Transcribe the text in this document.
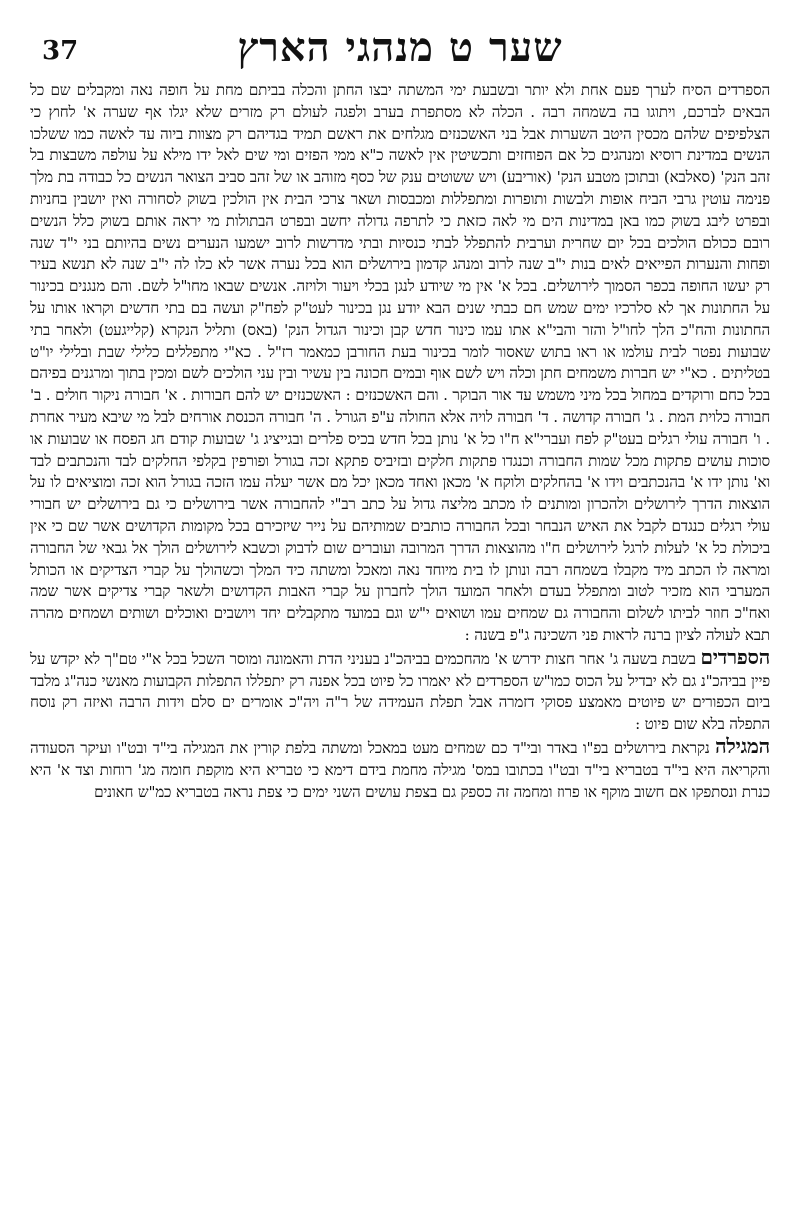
37	שער ט מנהגי הארץ

הספרדים הסיח לערך פעם אחת ולא יותר ובשבעת ימי המשתה יבצו החתן והכלה בביתם מחת על חופה נאה ומקבלים שם כל הבאים לברכם, ויתוגו בה בשמחה רבה . הכלה לא מסתפרת בערב ולפגה לעולם רק מזרים שלא יגלו אף שערה א' לחוץ כי הצלפיפים שלהם מכסין היטב השערות אבל בני האשכנזים מגלחים את ראשם תמיד בגדיהם רק מצוות ביוה עד לאשה כמו ששלכו הנשים במדינת רוסיא ומנהגים כל אם הפוחזים ותכשיטין אין לאשה כ"א ממי הפזים ומי שים לאל ידו מילא על עולפה משבצות בל זהב הנק' (סאלבא) ובתוכן מטבע הנק' (אוריבע) ויש ששוטים ענק של כסף מזוהב או של זהב סביב הצואר הנשים כל כבודה בת מלך פנימה עוטין גרבי הביח אופות ולבשות ותופרות ומתפללות ומכבסות ושאר צרכי הבית אין הולכין בשוק לסחורה ואין יושבין בחניות ובפרט ליבג בשוק כמו באן במדינות הים מי לאה כזאת כי לתרפה גדולה יחשב ובפרט הבתולות מי יראה אותם בשוק כלל הנשים רובם ככולם הולכים בכל יום שחרית וערבית להתפלל לבתי כנסיות ובתי מדרשות לרוב ישמעו הנערים נשים בהיותם בני י"ד שנה ופחות והנערות הפייאים לאים בנות י"ב שנה לרוב ומנהג קדמון בירושלים הוא בכל נערה אשר לא כלו לה י"ב שנה לא תנשא בעיר רק יעשו החופה בכפר הסמוך לירושלים. בכל א' אין מי שיודע לנגן בכלי ויעור ולויזה. אנשים שבאו מחו"ל לשם. והם מנגנים בכינור על החתונות אך לא סלרכיו ימים שמש חם כבתי שנים הבא יודע נגן בכינור לעט"ק לפח"ק ועשה בם בתי חדשים וקראו אותו על החתונות והח"כ הלך לחו"ל והזר והבי"א אתו עמו כינור חדש קבן וכינור הגדול הנק' (באס) ותליל הנקרא (קלייגעט) ולאחר בתי שבועות נפטר לבית עולמו או ראו בתוש שאסור לומר בכינור בעת החורבן כמאמר רז"ל . כא"י מתפללים כלילי שבת ובלילי יו"ט בטליתים . כא"י יש חברות משמחים חתן וכלה ויש לשם אוף ובמים חכונה בין עשיר ובין עני הולכים לשם ומכין בתוך ומרגנים בפיהם בכל כחם ורוקדים במחול בכל מיני משמש עד אור הבוקר . והם האשכנזים : האשכנזים יש להם חבורות . א' חבורה ניקור חולים . ב' חבורה כלוית המת . ג' חבורה קדושה . ד' חבורה לויה אלא החולה ע"פ הגורל . ה' חבורה הכנסת אורחים לבל מי שיבא מעיר אחרת . ו' חבורה עולי רגלים בעט"ק לפח ועברי"א ח"ו כל א' נותן בכל חדש בכיס פלרים ובגייציג ג' שבועות קודם חג הפסח או שבועות או סוכות עושים פתקות מכל שמות החבורה וכנגדו פתקות חלקים ובזיביס פתקא זכה בגורל ופורפין בקלפי החלקים לבד והנכתבים לבד וא' נותן ידו א' בהנכתבים וידו א' בהחלקים ולוקח א' מכאן ואחד מכאן יכל מם אשר יעלה עמו הזכה בגורל הוא זכה ומוציאים לו על הוצאות הדרך לירושלים ולהכרון ומותנים לו מכתב מליצה גדול על כתב רב"י להחבורה אשר בירושלים כי גם בירושלים יש חבורי עולי רגלים כנגדם לקבל את האיש הנבחר ובכל החבורה כותבים שמותיהם על נייר שיזכירם בכל מקומות הקדושים אשר שם כי אין ביכולת כל א' לעלות לרגל לירושלים ח"ו מהוצאות הדרך המרובה ועוברים שום לדבוק וכשבא לירושלים הולך אל גבאי של החבורה ומראה לו הכתב מיד מקבלו בשמחה רבה ונותן לו בית מיוחד נאה ומאכל ומשתה כיד המלך וכשהולך על קברי הצדיקים או הכותל המערבי הוא מזכיר לטוב ומתפלל בעדם ולאחר המועד הולך לחברון על קברי האבות הקדושים ולשאר קברי צדיקים אשר שמה ואח"כ חוזר לביתו לשלום והחבורה גם שמחים עמו ושואים י"ש וגם במועד מתקבלים יחד ויושבים ואוכלים ושותים ושמחים מהרה תבא לעולה לציון ברנה לראות פני השכינה ג"פ בשנה :

הספרדים בשבת בשעה ג' אחר חצות ידרש א' מהחכמים בביהכ"נ בעניני הדת והאמונה ומוסר השכל בכל א"י טם"ך לא יקדש על פיין בביהכ"נ גם לא יבדיל על הכוס כמו"ש הספרדים לא יאמרו כל פיוט בכל אפנה רק יתפללו התפלות הקבועות מאנשי כנה"ג מלבד ביום הכפורים יש פיוטים מאמצע פסוקי דזמרה אבל תפלת העמידה של ר"ה ויה"כ אומרים ים סלם וידות הרבה ואיזה רק נוסח התפלה בלא שום פיוט :

המגילה נקראת בירושלים בפ"ו באדר ובי"ד כם שמחים מעט במאכל ומשתה בלפת קורין את המגילה בי"ד ובט"ו ועיקר הסעודה והקריאה היא בי"ד בטבריא בי"ד ובט"ו בכתובו במס' מגילה מחמת בידם דימא כי טבריא היא מוקפת חומה מג' רוחות וצד א' היא כנרת ונסתפקו אם חשוב מוקף או פרוז ומחמה זה כספק גם בצפת עושים השני ימים כי צפת נראה בטבריא כמ"ש חאונים
